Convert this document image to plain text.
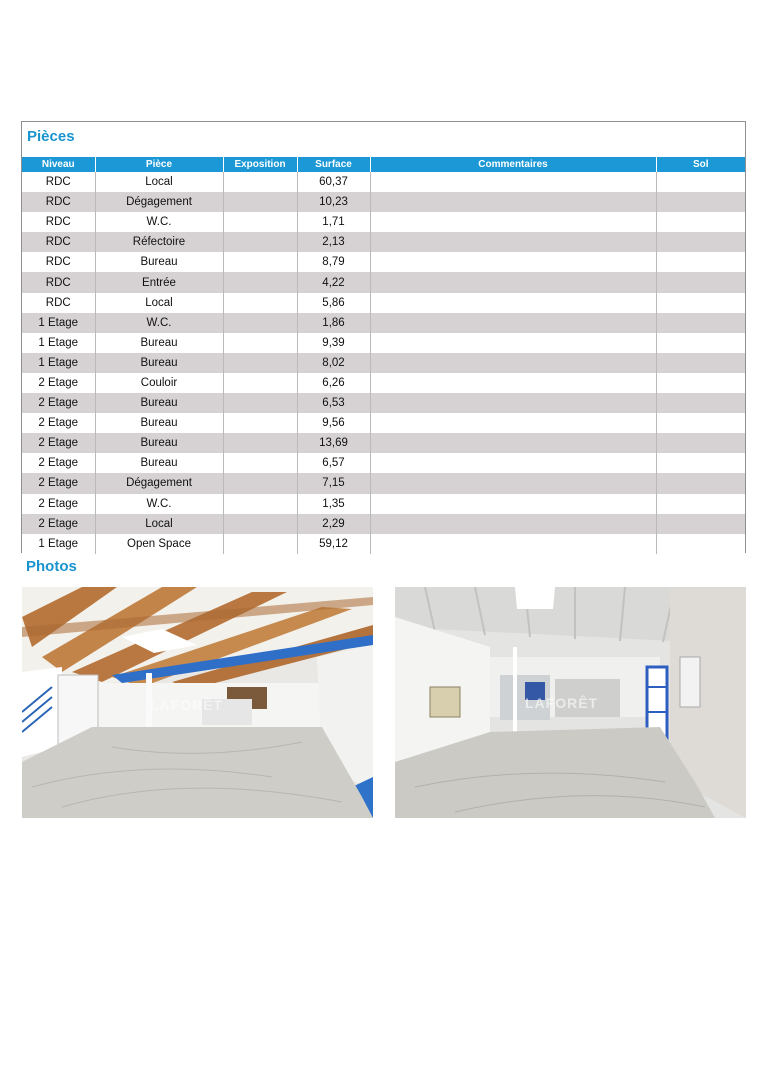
Pièces
Niveau	Pièce	Exposition	Surface	Commentaires	Sol
RDC	Local		60,37		
RDC	Dégagement		10,23		
RDC	W.C.		1,71		
RDC	Réfectoire		2,13		
RDC	Bureau		8,79		
RDC	Entrée		4,22		
RDC	Local		5,86		
1 Etage	W.C.		1,86		
1 Etage	Bureau		9,39		
1 Etage	Bureau		8,02		
2 Etage	Couloir		6,26		
2 Etage	Bureau		6,53		
2 Etage	Bureau		9,56		
2 Etage	Bureau		13,69		
2 Etage	Bureau		6,57		
2 Etage	Dégagement		7,15		
2 Etage	W.C.		1,35		
2 Etage	Local		2,29		
1 Etage	Open Space		59,12		
Photos
LAFORÊT	LAFORÊT
